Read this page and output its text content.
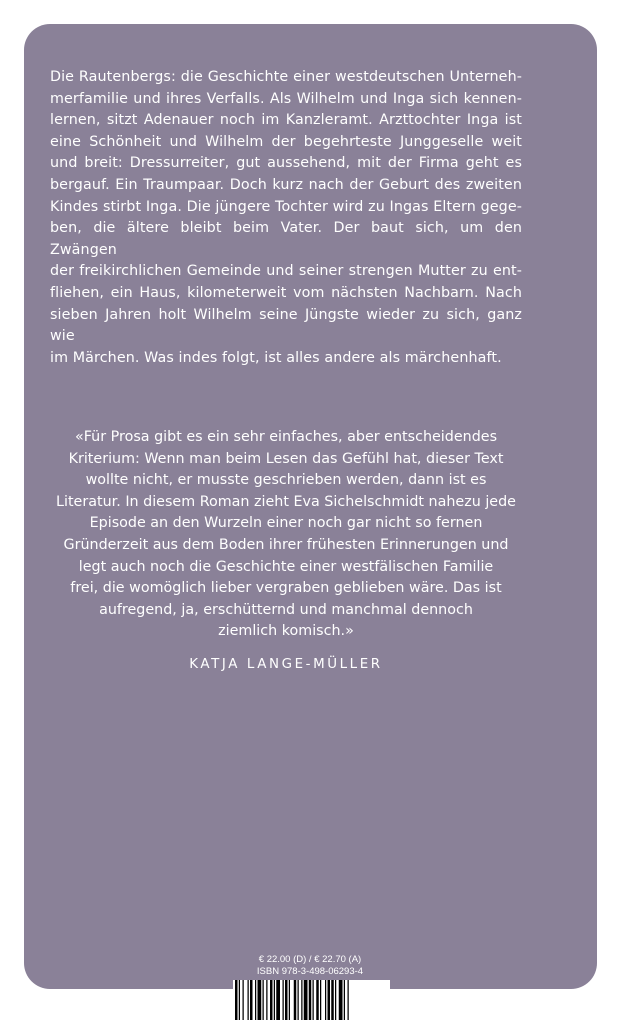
Die Rautenbergs: die Geschichte einer westdeutschen Unterneh-
merfamilie und ihres Verfalls. Als Wilhelm und Inga sich kennen-
lernen, sitzt Adenauer noch im Kanzleramt. Arzttochter Inga ist
eine Schönheit und Wilhelm der begehrteste Junggeselle weit
und breit: Dressurreiter, gut aussehend, mit der Firma geht es
bergauf. Ein Traumpaar. Doch kurz nach der Geburt des zweiten
Kindes stirbt Inga. Die jüngere Tochter wird zu Ingas Eltern gege-
ben, die ältere bleibt beim Vater. Der baut sich, um den Zwängen
der freikirchlichen Gemeinde und seiner strengen Mutter zu ent-
fliehen, ein Haus, kilometerweit vom nächsten Nachbarn. Nach
sieben Jahren holt Wilhelm seine Jüngste wieder zu sich, ganz wie
im Märchen. Was indes folgt, ist alles andere als märchenhaft.
«Für Prosa gibt es ein sehr einfaches, aber entscheidendes
Kriterium: Wenn man beim Lesen das Gefühl hat, dieser Text
wollte nicht, er musste geschrieben werden, dann ist es
Literatur. In diesem Roman zieht Eva Sichelschmidt nahezu jede
Episode an den Wurzeln einer noch gar nicht so fernen
Gründerzeit aus dem Boden ihrer frühesten Erinnerungen und
legt auch noch die Geschichte einer westfälischen Familie
frei, die womöglich lieber vergraben geblieben wäre. Das ist
aufregend, ja, erschütternd und manchmal dennoch
ziemlich komisch.»
KATJA LANGE-MÜLLER
€ 22.00 (D) / € 22.70 (A)
ISBN 978-3-498-06293-4
